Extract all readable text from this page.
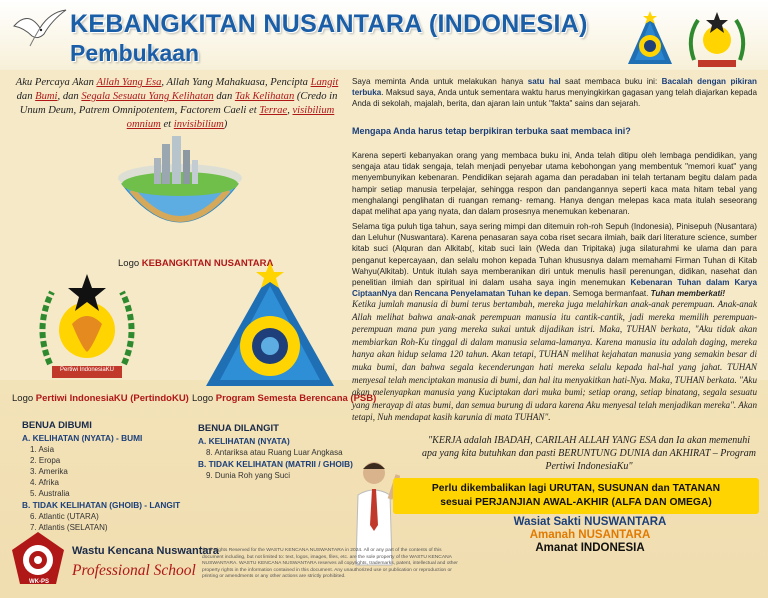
KEBANGKITAN NUSANTARA (INDONESIA)
Pembukaan
Aku Percaya Akan Allah Yang Esa, Allah Yang Mahakuasa, Pencipta Langit dan Bumi, dan Segala Sesuatu Yang Kelihatan dan Tak Kelihatan (Credo in Unum Deum, Patrem Omnipotentem, Factorem Caeli et Terrae, visibilium omnium et invisibilium)
Logo KEBANGKITAN NUSANTARA
Pertiwi IndonesiaKU
Logo Pertiwi IndonesiaKU (PertindoKU) Logo Program Semesta Berencana (PSB)
Saya meminta Anda untuk melakukan hanya satu hal saat membaca buku ini: Bacalah dengan pikiran terbuka. Maksud saya, Anda untuk sementara waktu harus menyingkirkan gagasan yang telah diajarkan kepada Anda di sekolah, majalah, berita, dan ajaran lain untuk "fakta" sains dan sejarah.
Mengapa Anda harus tetap berpikiran terbuka saat membaca ini?
Karena seperti kebanyakan orang yang membaca buku ini, Anda telah ditipu oleh lembaga pendidikan, yang sengaja atau tidak sengaja, telah menjadi penyebar utama kebohongan yang membentuk "memori kuat" yang menyembunyikan kebenaran. Pendidikan sejarah agama dan peradaban ini telah tertanam begitu dalam pada hampir setiap manusia terpelajar, sehingga respon dan pandangannya seperti kaca mata hitam tebal yang menghalangi penglihatan di ruangan remang- remang. Hanya dengan melepas kaca mata itulah seseorang dapat melihat apa yang nyata, dan dalam prosesnya menemukan kebenaran.
Selama tiga puluh tiga tahun, saya sering mimpi dan ditemuin roh-roh Sepuh (Indonesia), Pinisepuh (Nusantara) dan Leluhur (Nuswantara). Karena penasaran saya coba riset secara ilmiah, baik dari literature science, sumber kitab suci (Alquran dan Alkitab(, kitab suci lain (Weda dan Tripitaka) juga silaturahmi ke ulama dan para penganut kepercayaan, dan selalu mohon kepada Tuhan khususnya dalam memahami Firman Tuhan di Kitab Wahyu(Alkitab). Untuk itulah saya memberanikan diri untuk menulis hasil perenungan, didikan, nasehat dan penelitian ilmiah dan spiritual ini dalam usaha saya ingin menemukan Kebenaran Tuhan dalam Karya CiptaanNya dan Rencana Penyelamatan Tuhan ke depan. Semoga bermanfaat. Tuhan memberkati!
Ketika jumlah manusia di bumi terus bertambah, mereka juga melahirkan anak-anak perempuan. Anak-anak Allah melihat bahwa anak-anak perempuan manusia itu cantik-cantik, jadi mereka memilih perempuan-perempuan mana pun yang mereka sukai untuk dijadikan istri. Maka, TUHAN berkata, "Aku tidak akan membiarkan Roh-Ku tinggal di dalam manusia selama-lamanya. Karena manusia itu adalah daging, mereka hanya akan hidup selama 120 tahun. Akan tetapi, TUHAN melihat kejahatan manusia yang semakin besar di muka bumi, dan bahwa segala kecenderungan hati mereka selalu kepada hal-hal yang jahat. TUHAN menyesal telah menciptakan manusia di bumi, dan hal itu menyakitkan hati-Nya. Maka, TUHAN berkata. "Aku akan melenyapkan manusia yang Kuciptakan dari muka bumi; setiap orang, setiap binatang, segala sesuatu yang merayap di atas bumi, dan semua burung di udara karena Aku menyesal telah menjadikan mereka". Akan tetapi, Nuh mendapat kasih karunia di mata TUHAN".
BENUA DIBUMI
A. KELIHATAN (NYATA) - BUMI
1. Asia
2. Eropa
3. Amerika
4. Afrika
5. Australia
B. TIDAK KELIHATAN (GHOIB) - LANGIT
6. Atlantic (UTARA)
7. Atlantis (SELATAN)
BENUA DILANGIT
A. KELIHATAN (NYATA)
8. Antariksa atau Ruang Luar Angkasa
B. TIDAK KELIHATAN (MATRII / GHOIB)
9. Dunia Roh yang Suci
"KERJA adalah IBADAH, CARILAH ALLAH YANG ESA dan Ia akan memenuhi apa yang kita butuhkan dan pasti BERUNTUNG DUNIA dan AKHIRAT – Program Pertiwi IndonesiaKu"
Perlu dikembalikan lagi URUTAN, SUSUNAN dan TATANAN
sesuai PERJANJIAN AWAL-AKHIR (ALFA DAN OMEGA)
Wasiat Sakti NUSWANTARA
Amanah NUSANTARA
Amanat INDONESIA
WK-PS
Wastu Kencana Nuswantara
Professional School
© All Rights Reserved for the WASTU KENCANA NUSWANTARA in 2024. All or any part of the contents of this document including, but not limited to: text, logos, images, files, etc. are the sole property of the WASTU KENCANA NUSWANTARA. WASTU KENCANA NUSWANTARA reserves all copyrights, trademarks, patent, intellectual and other property rights in the information contained in this document. Any unauthorized use or publication or reproduction or printing or amendments or any other actions are strictly prohibited.
